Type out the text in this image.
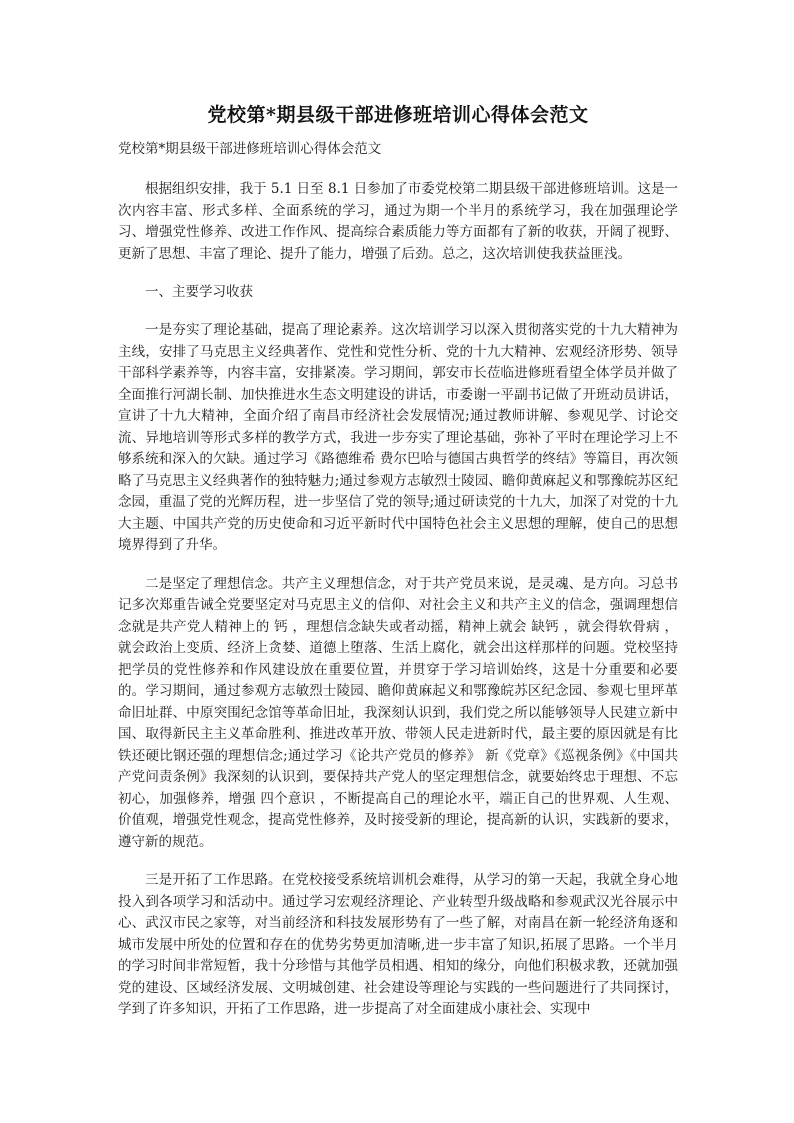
党校第*期县级干部进修班培训心得体会范文

党校第*期县级干部进修班培训心得体会范文

根据组织安排，我于 5.1 日至 8.1 日参加了市委党校第二期县级干部进修班培训。这是一次内容丰富、形式多样、全面系统的学习，通过为期一个半月的系统学习，我在加强理论学习、增强党性修养、改进工作作风、提高综合素质能力等方面都有了新的收获，开阔了视野、更新了思想、丰富了理论、提升了能力，增强了后劲。总之，这次培训使我获益匪浅。

一、主要学习收获

一是夯实了理论基础，提高了理论素养。这次培训学习以深入贯彻落实党的十九大精神为主线，安排了马克思主义经典著作、党性和党性分析、党的十九大精神、宏观经济形势、领导干部科学素养等，内容丰富，安排紧凑。学习期间，郭安市长莅临进修班看望全体学员并做了全面推行河湖长制、加快推进水生态文明建设的讲话，市委谢一平副书记做了开班动员讲话，宣讲了十九大精神，全面介绍了南昌市经济社会发展情况;通过教师讲解、参观见学、讨论交流、异地培训等形式多样的教学方式，我进一步夯实了理论基础，弥补了平时在理论学习上不够系统和深入的欠缺。通过学习《路德维希 费尔巴哈与德国古典哲学的终结》等篇目，再次领略了马克思主义经典著作的独特魅力;通过参观方志敏烈士陵园、瞻仰黄麻起义和鄂豫皖苏区纪念园，重温了党的光辉历程，进一步坚信了党的领导;通过研读党的十九大，加深了对党的十九大主题、中国共产党的历史使命和习近平新时代中国特色社会主义思想的理解，使自己的思想境界得到了升华。

二是坚定了理想信念。共产主义理想信念，对于共产党员来说，是灵魂、是方向。习总书记多次郑重告诫全党要坚定对马克思主义的信仰、对社会主义和共产主义的信念，强调理想信念就是共产党人精神上的 钙 ，理想信念缺失或者动摇，精神上就会 缺钙 ，就会得软骨病 ，就会政治上变质、经济上贪婪、道德上堕落、生活上腐化，就会出这样那样的问题。党校坚持把学员的党性修养和作风建设放在重要位置，并贯穿于学习培训始终，这是十分重要和必要的。学习期间，通过参观方志敏烈士陵园、瞻仰黄麻起义和鄂豫皖苏区纪念园、参观七里坪革命旧址群、中原突围纪念馆等革命旧址，我深刻认识到，我们党之所以能够领导人民建立新中国、取得新民主主义革命胜利、推进改革开放、带领人民走进新时代，最主要的原因就是有比铁还硬比钢还强的理想信念;通过学习《论共产党员的修养》 新《党章》《巡视条例》《中国共产党问责条例》我深刻的认识到，要保持共产党人的坚定理想信念，就要始终忠于理想、不忘初心，加强修养，增强 四个意识 ，不断提高自己的理论水平，端正自己的世界观、人生观、价值观，增强党性观念，提高党性修养，及时接受新的理论，提高新的认识，实践新的要求，遵守新的规范。

三是开拓了工作思路。在党校接受系统培训机会难得，从学习的第一天起，我就全身心地投入到各项学习和活动中。通过学习宏观经济理论、产业转型升级战略和参观武汉光谷展示中心、武汉市民之家等，对当前经济和科技发展形势有了一些了解，对南昌在新一轮经济角逐和城市发展中所处的位置和存在的优势劣势更加清晰,进一步丰富了知识,拓展了思路。一个半月的学习时间非常短暂，我十分珍惜与其他学员相遇、相知的缘分，向他们积极求教，还就加强党的建设、区域经济发展、文明城创建、社会建设等理论与实践的一些问题进行了共同探讨，学到了许多知识，开拓了工作思路，进一步提高了对全面建成小康社会、实现中
